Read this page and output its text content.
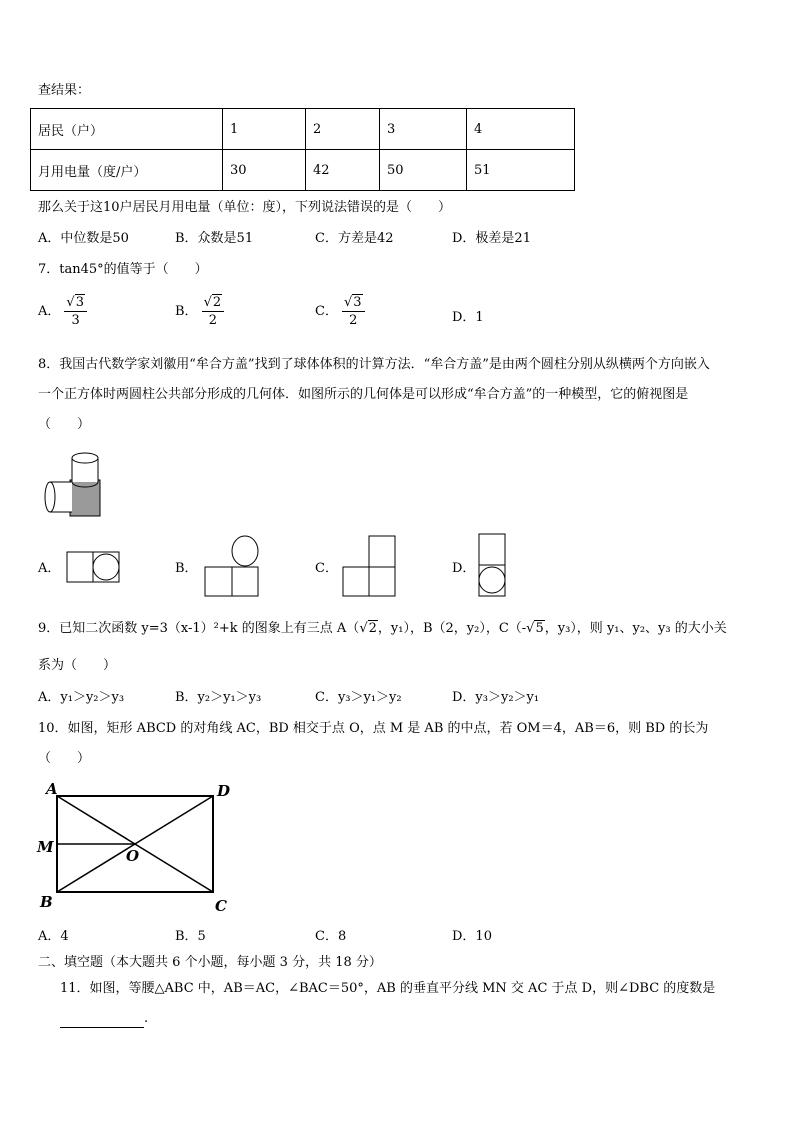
查结果：
居民（户）	1	2	3	4
月用电量（度/户）	30	42	50	51
那么关于这10户居民月用电量（单位：度），下列说法错误的是（　　）
A．中位数是50	B．众数是51	C．方差是42	D．极差是21
7．tan45°的值等于（　　）
A． $\frac{√3}{3}$	B． $\frac{√2}{2}$	C． $\frac{√3}{2}$	D．1
8．我国古代数学家刘徽用“牟合方盖”找到了球体体积的计算方法．“牟合方盖”是由两个圆柱分别从纵横两个方向嵌入
一个正方体时两圆柱公共部分形成的几何体．如图所示的几何体是可以形成“牟合方盖”的一种模型，它的俯视图是
（　　）
A．	B．	C．	D．
9．已知二次函数 y=3（x-1）²+k 的图象上有三点 A（√2，y₁），B（2，y₂），C（-√5，y₃），则 y₁、y₂、y₃ 的大小关
系为（　　）
A．y₁＞y₂＞y₃	B．y₂＞y₁＞y₃	C．y₃＞y₁＞y₂	D．y₃＞y₂＞y₁
10．如图，矩形 ABCD 的对角线 AC，BD 相交于点 O，点 M 是 AB 的中点，若 OM＝4，AB＝6，则 BD 的长为
（　　）
A	D
M	O
B	C
A．4	B．5	C．8	D．10
二、填空题（本大题共 6 个小题，每小题 3 分，共 18 分）
11．如图，等腰△ABC 中，AB＝AC，∠BAC＝50°，AB 的垂直平分线 MN 交 AC 于点 D，则∠DBC 的度数是
.
